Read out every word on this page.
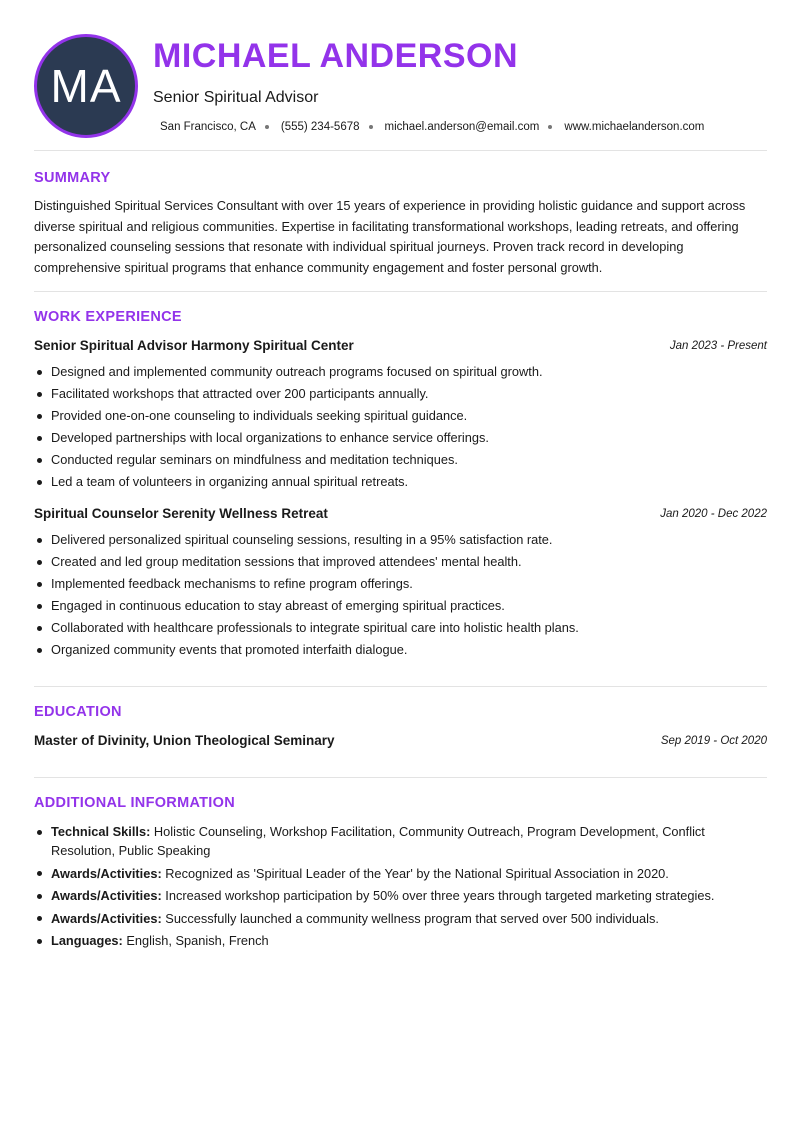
MA
MICHAEL ANDERSON
Senior Spiritual Advisor
San Francisco, CA (555) 234-5678 michael.anderson@email.com www.michaelanderson.com
SUMMARY
Distinguished Spiritual Services Consultant with over 15 years of experience in providing holistic guidance and support across diverse spiritual and religious communities. Expertise in facilitating transformational workshops, leading retreats, and offering personalized counseling sessions that resonate with individual spiritual journeys. Proven track record in developing comprehensive spiritual programs that enhance community engagement and foster personal growth.
WORK EXPERIENCE
Senior Spiritual Advisor Harmony Spiritual Center	Jan 2023 - Present
Designed and implemented community outreach programs focused on spiritual growth.
Facilitated workshops that attracted over 200 participants annually.
Provided one-on-one counseling to individuals seeking spiritual guidance.
Developed partnerships with local organizations to enhance service offerings.
Conducted regular seminars on mindfulness and meditation techniques.
Led a team of volunteers in organizing annual spiritual retreats.
Spiritual Counselor Serenity Wellness Retreat	Jan 2020 - Dec 2022
Delivered personalized spiritual counseling sessions, resulting in a 95% satisfaction rate.
Created and led group meditation sessions that improved attendees' mental health.
Implemented feedback mechanisms to refine program offerings.
Engaged in continuous education to stay abreast of emerging spiritual practices.
Collaborated with healthcare professionals to integrate spiritual care into holistic health plans.
Organized community events that promoted interfaith dialogue.
EDUCATION
Master of Divinity, Union Theological Seminary	Sep 2019 - Oct 2020
ADDITIONAL INFORMATION
Technical Skills: Holistic Counseling, Workshop Facilitation, Community Outreach, Program Development, Conflict Resolution, Public Speaking
Awards/Activities: Recognized as 'Spiritual Leader of the Year' by the National Spiritual Association in 2020.
Awards/Activities: Increased workshop participation by 50% over three years through targeted marketing strategies.
Awards/Activities: Successfully launched a community wellness program that served over 500 individuals.
Languages: English, Spanish, French
